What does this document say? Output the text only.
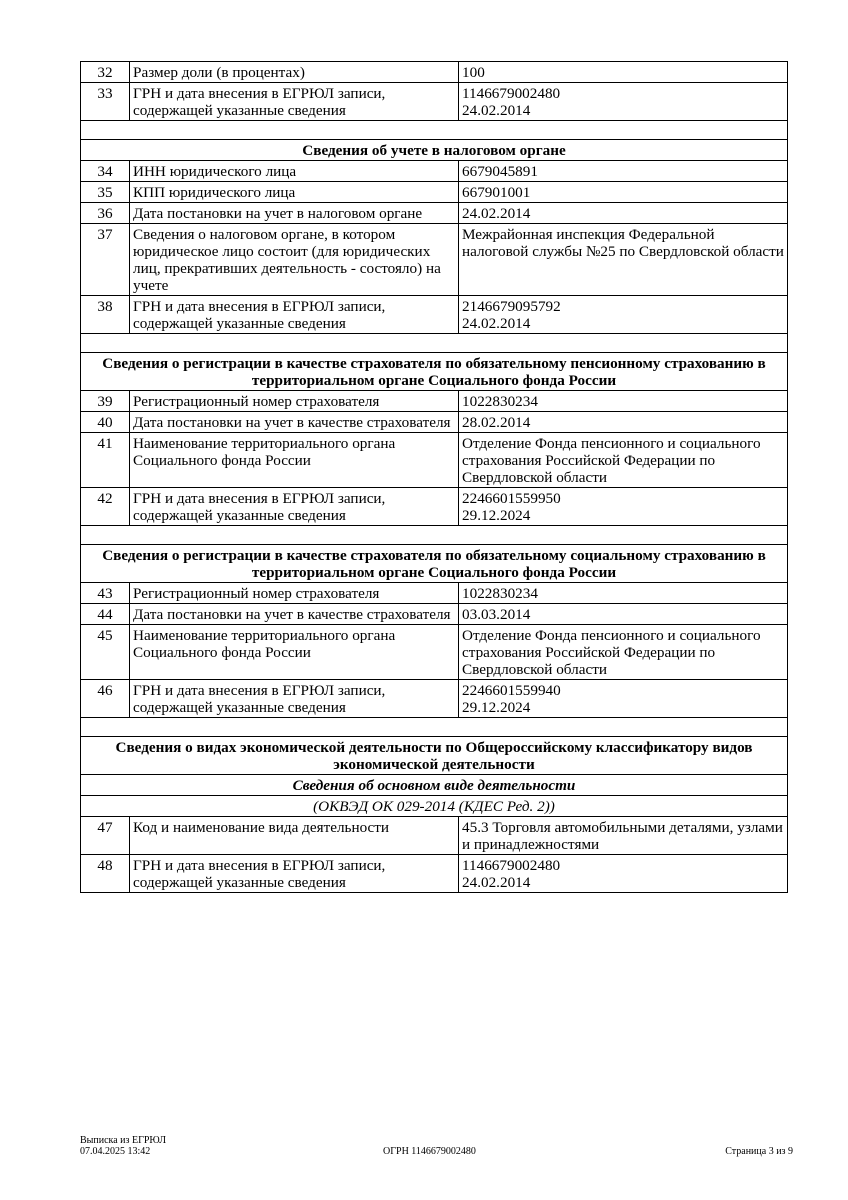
32	Размер доли (в процентах)	100

33	ГРН и дата внесения в ЕГРЮЛ записи, содержащей указанные сведения	1146679002480
24.02.2014

Сведения об учете в налоговом органе		
34	ИНН юридического лица	6679045891

35	КПП юридического лица	667901001

36	Дата постановки на учет в налоговом органе	24.02.2014

37	Сведения о налоговом органе, в котором юридическое лицо состоит (для юридических лиц, прекративших деятельность - состояло) на учете	Межрайонная инспекция Федеральной налоговой службы №25 по Свердловской области

38	ГРН и дата внесения в ЕГРЮЛ записи, содержащей указанные сведения	2146679095792
24.02.2014

Сведения о регистрации в качестве страхователя по обязательному пенсионному страхованию в территориальном органе Социального фонда России		
39	Регистрационный номер страхователя	1022830234

40	Дата постановки на учет в качестве страхователя	28.02.2014

41	Наименование территориального органа Социального фонда России	Отделение Фонда пенсионного и социального страхования Российской Федерации по Свердловской области

42	ГРН и дата внесения в ЕГРЮЛ записи, содержащей указанные сведения	2246601559950
29.12.2024

Сведения о регистрации в качестве страхователя по обязательному социальному страхованию в территориальном органе Социального фонда России		
43	Регистрационный номер страхователя	1022830234

44	Дата постановки на учет в качестве страхователя	03.03.2014

45	Наименование территориального органа Социального фонда России	Отделение Фонда пенсионного и социального страхования Российской Федерации по Свердловской области

46	ГРН и дата внесения в ЕГРЮЛ записи, содержащей указанные сведения	2246601559940
29.12.2024

Сведения о видах экономической деятельности по Общероссийскому классификатору видов экономической деятельности		
Сведения об основном виде деятельности		
(ОКВЭД ОК 029-2014 (КДЕС Ред. 2))		
47	Код и наименование вида деятельности	45.3 Торговля автомобильными деталями, узлами и принадлежностями

48	ГРН и дата внесения в ЕГРЮЛ записи, содержащей указанные сведения	1146679002480
24.02.2014
Выписка из ЕГРЮЛ
07.04.2025 13:42	ОГРН 1146679002480	Страница 3 из 9
